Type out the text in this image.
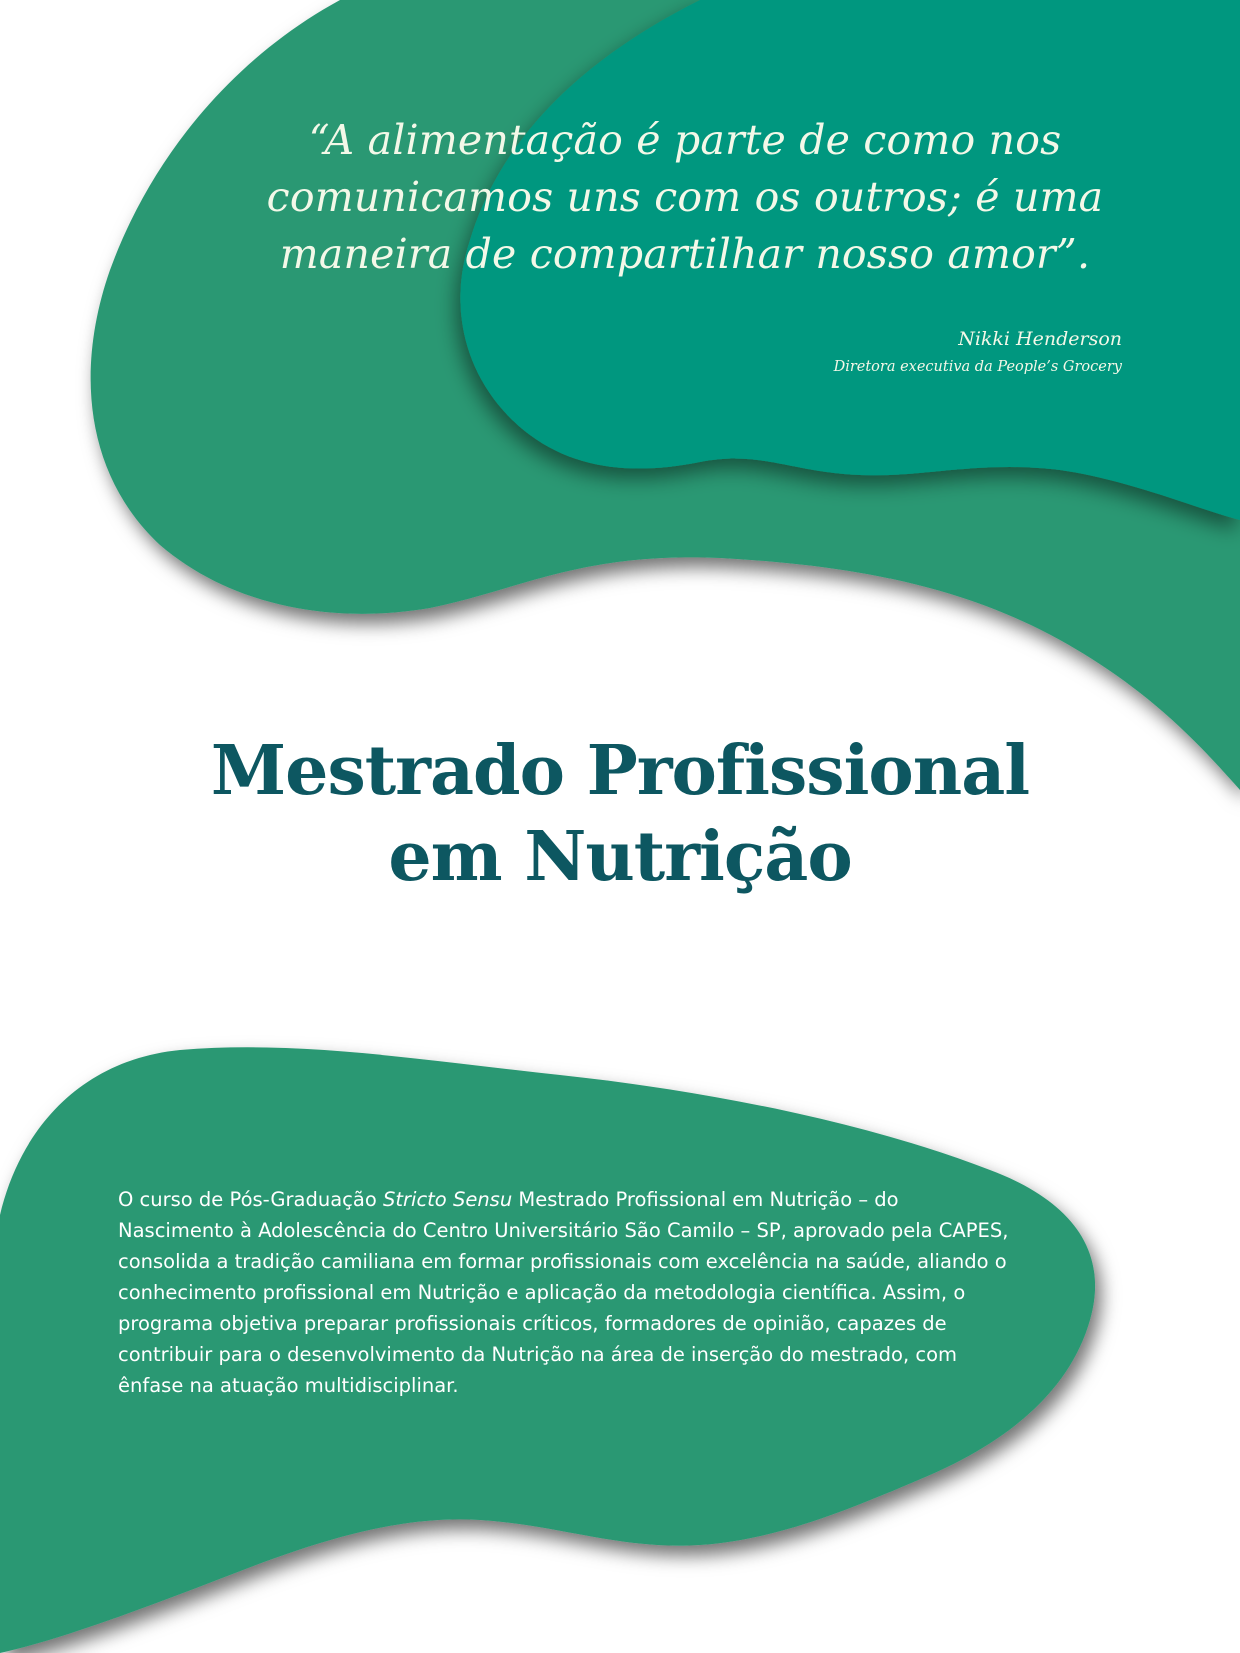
“A alimentação é parte de como nos
comunicamos uns com os outros; é uma
maneira de compartilhar nosso amor”.

Nikki Henderson
Diretora executiva da People’s Grocery
Mestrado Profissional
em Nutrição

O curso de Pós-Graduação Stricto Sensu Mestrado Profissional em Nutrição – do Nascimento à Adolescência do Centro Universitário São Camilo – SP, aprovado pela CAPES, consolida a tradição camiliana em formar profissionais com excelência na saúde, aliando o conhecimento profissional em Nutrição e aplicação da metodologia científica. Assim, o programa objetiva preparar profissionais críticos, formadores de opinião, capazes de contribuir para o desenvolvimento da Nutrição na área de inserção do mestrado, com ênfase na atuação multidisciplinar.
